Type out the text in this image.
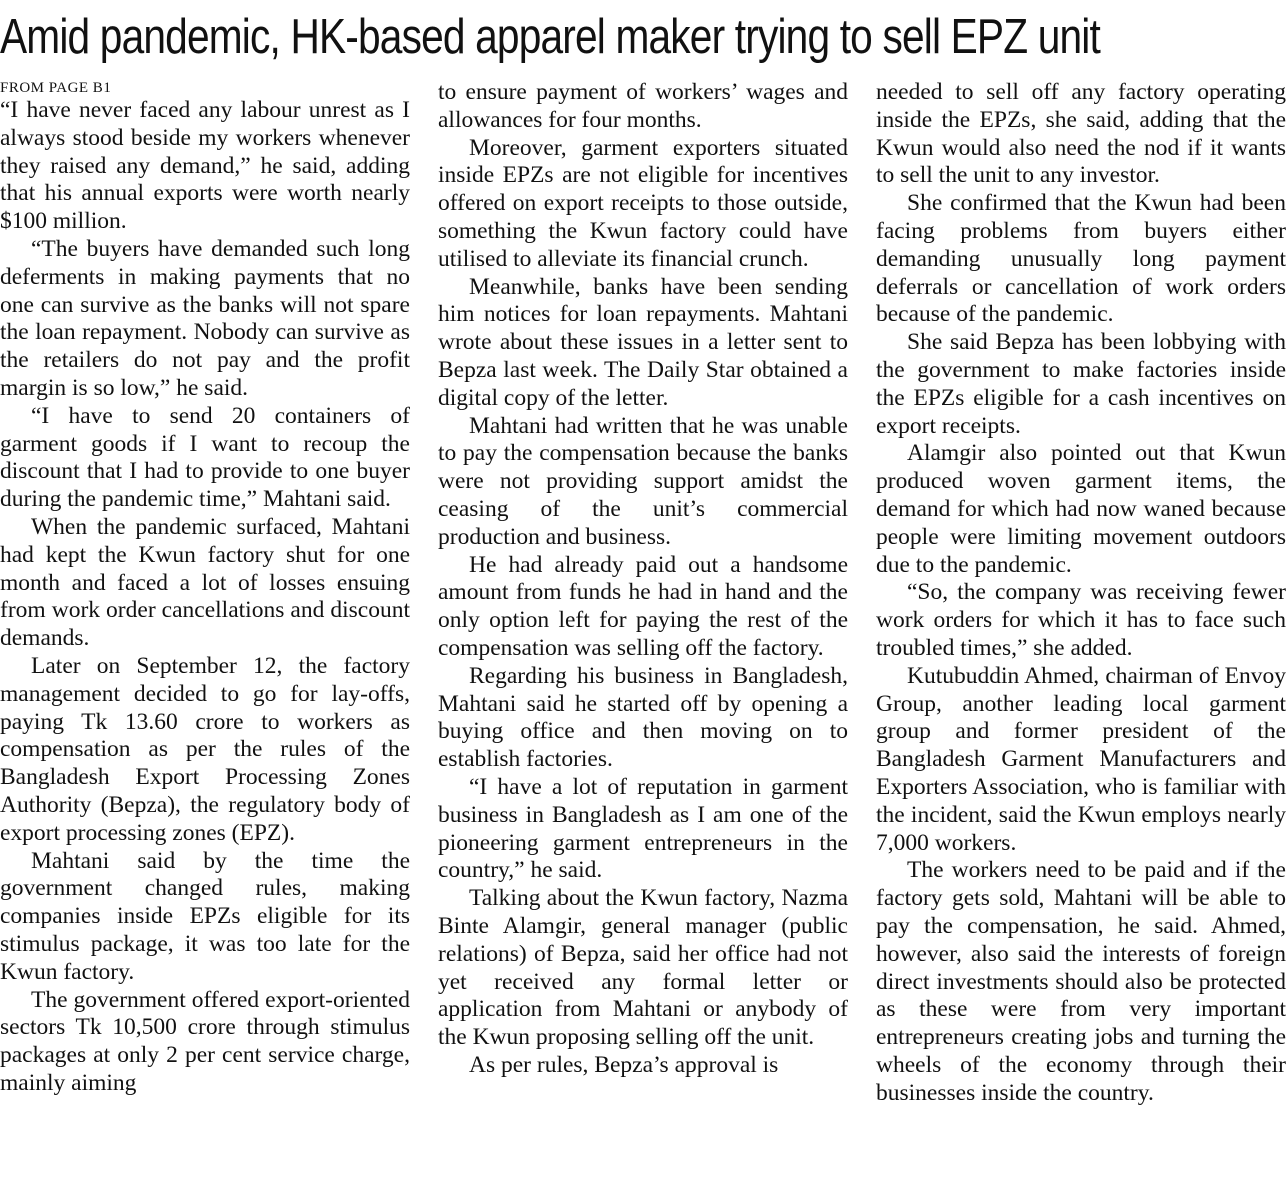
Amid pandemic, HK-based apparel maker trying to sell EPZ unit
FROM PAGE B1

“I have never faced any labour unrest as I always stood beside my workers whenever they raised any demand,” he said, adding that his annual exports were worth nearly $100 million.

“The buyers have demanded such long deferments in making payments that no one can survive as the banks will not spare the loan repayment. Nobody can survive as the retailers do not pay and the profit margin is so low,” he said.

“I have to send 20 containers of garment goods if I want to recoup the discount that I had to provide to one buyer during the pandemic time,” Mahtani said.

When the pandemic surfaced, Mahtani had kept the Kwun factory shut for one month and faced a lot of losses ensuing from work order cancellations and discount demands.

Later on September 12, the factory management decided to go for lay-offs, paying Tk 13.60 crore to workers as compensation as per the rules of the Bangladesh Export Processing Zones Authority (Bepza), the regulatory body of export processing zones (EPZ).

Mahtani said by the time the government changed rules, making companies inside EPZs eligible for its stimulus package, it was too late for the Kwun factory.

The government offered export-oriented sectors Tk 10,500 crore through stimulus packages at only 2 per cent service charge, mainly aiming

to ensure payment of workers’ wages and allowances for four months.

Moreover, garment exporters situated inside EPZs are not eligible for incentives offered on export receipts to those outside, something the Kwun factory could have utilised to alleviate its financial crunch.

Meanwhile, banks have been sending him notices for loan repayments. Mahtani wrote about these issues in a letter sent to Bepza last week. The Daily Star obtained a digital copy of the letter.

Mahtani had written that he was unable to pay the compensation because the banks were not providing support amidst the ceasing of the unit’s commercial production and business.

He had already paid out a handsome amount from funds he had in hand and the only option left for paying the rest of the compensation was selling off the factory.

Regarding his business in Bangladesh, Mahtani said he started off by opening a buying office and then moving on to establish factories.

“I have a lot of reputation in garment business in Bangladesh as I am one of the pioneering garment entrepreneurs in the country,” he said.

Talking about the Kwun factory, Nazma Binte Alamgir, general manager (public relations) of Bepza, said her office had not yet received any formal letter or application from Mahtani or anybody of the Kwun proposing selling off the unit.

As per rules, Bepza’s approval is

needed to sell off any factory operating inside the EPZs, she said, adding that the Kwun would also need the nod if it wants to sell the unit to any investor.

She confirmed that the Kwun had been facing problems from buyers either demanding unusually long payment deferrals or cancellation of work orders because of the pandemic.

She said Bepza has been lobbying with the government to make factories inside the EPZs eligible for a cash incentives on export receipts.

Alamgir also pointed out that Kwun produced woven garment items, the demand for which had now waned because people were limiting movement outdoors due to the pandemic.

“So, the company was receiving fewer work orders for which it has to face such troubled times,” she added.

Kutubuddin Ahmed, chairman of Envoy Group, another leading local garment group and former president of the Bangladesh Garment Manufacturers and Exporters Association, who is familiar with the incident, said the Kwun employs nearly 7,000 workers.

The workers need to be paid and if the factory gets sold, Mahtani will be able to pay the compensation, he said. Ahmed, however, also said the interests of foreign direct investments should also be protected as these were from very important entrepreneurs creating jobs and turning the wheels of the economy through their businesses inside the country.
